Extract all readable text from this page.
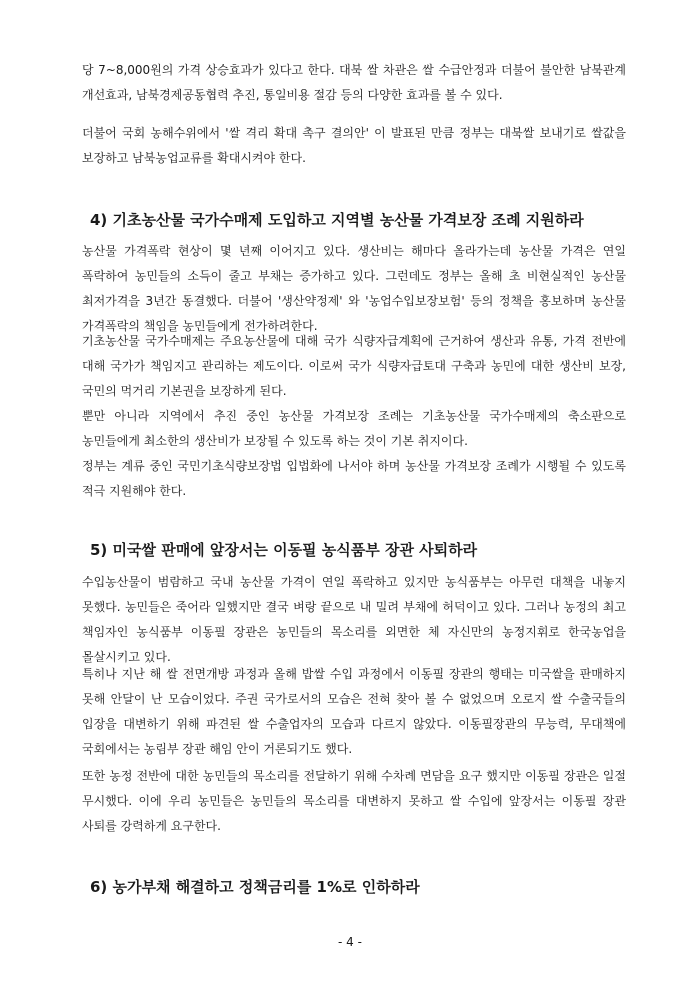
당 7~8,000원의 가격 상승효과가 있다고 한다. 대북 쌀 차관은 쌀 수급안정과 더불어 불안한 남북관계 개선효과, 남북경제공동협력 추진, 통일비용 절감 등의 다양한 효과를 볼 수 있다.

더불어 국회 농해수위에서 '쌀 격리 확대 촉구 결의안' 이 발표된 만큼 정부는 대북쌀 보내기로 쌀값을 보장하고 남북농업교류를 확대시켜야 한다.

4) 기초농산물 국가수매제 도입하고 지역별 농산물 가격보장 조례 지원하라

농산물 가격폭락 현상이 몇 년째 이어지고 있다. 생산비는 해마다 올라가는데 농산물 가격은 연일 폭락하여 농민들의 소득이 줄고 부채는 증가하고 있다. 그런데도 정부는 올해 초 비현실적인 농산물 최저가격을 3년간 동결했다. 더불어 '생산약정제' 와 '농업수입보장보험' 등의 정책을 홍보하며 농산물 가격폭락의 책임을 농민들에게 전가하려한다.

기초농산물 국가수매제는 주요농산물에 대해 국가 식량자급계획에 근거하여 생산과 유통, 가격 전반에 대해 국가가 책임지고 관리하는 제도이다. 이로써 국가 식량자급토대 구축과 농민에 대한 생산비 보장, 국민의 먹거리 기본권을 보장하게 된다.

뿐만 아니라 지역에서 추진 중인 농산물 가격보장 조례는 기초농산물 국가수매제의 축소판으로 농민들에게 최소한의 생산비가 보장될 수 있도록 하는 것이 기본 취지이다.

정부는 계류 중인 국민기초식량보장법 입법화에 나서야 하며 농산물 가격보장 조례가 시행될 수 있도록 적극 지원해야 한다.

5) 미국쌀 판매에 앞장서는 이동필 농식품부 장관 사퇴하라

수입농산물이 범람하고 국내 농산물 가격이 연일 폭락하고 있지만 농식품부는 아무런 대책을 내놓지 못했다. 농민들은 죽어라 일했지만 결국 벼랑 끝으로 내 밀려 부채에 허덕이고 있다. 그러나 농정의 최고 책임자인 농식품부 이동필 장관은 농민들의 목소리를 외면한 체 자신만의 농정지휘로 한국농업을 몰살시키고 있다.

특히나 지난 해 쌀 전면개방 과정과 올해 밥쌀 수입 과정에서 이동필 장관의 행태는 미국쌀을 판매하지 못해 안달이 난 모습이었다. 주권 국가로서의 모습은 전혀 찾아 볼 수 없었으며 오로지 쌀 수출국들의 입장을 대변하기 위해 파견된 쌀 수출업자의 모습과 다르지 않았다. 이동필장관의 무능력, 무대책에 국회에서는 농림부 장관 해임 안이 거론되기도 했다.

또한 농정 전반에 대한 농민들의 목소리를 전달하기 위해 수차례 면담을 요구 했지만 이동필 장관은 일절 무시했다. 이에 우리 농민들은 농민들의 목소리를 대변하지 못하고 쌀 수입에 앞장서는 이동필 장관 사퇴를 강력하게 요구한다.

6) 농가부채 해결하고 정책금리를 1%로 인하하라
- 4 -
